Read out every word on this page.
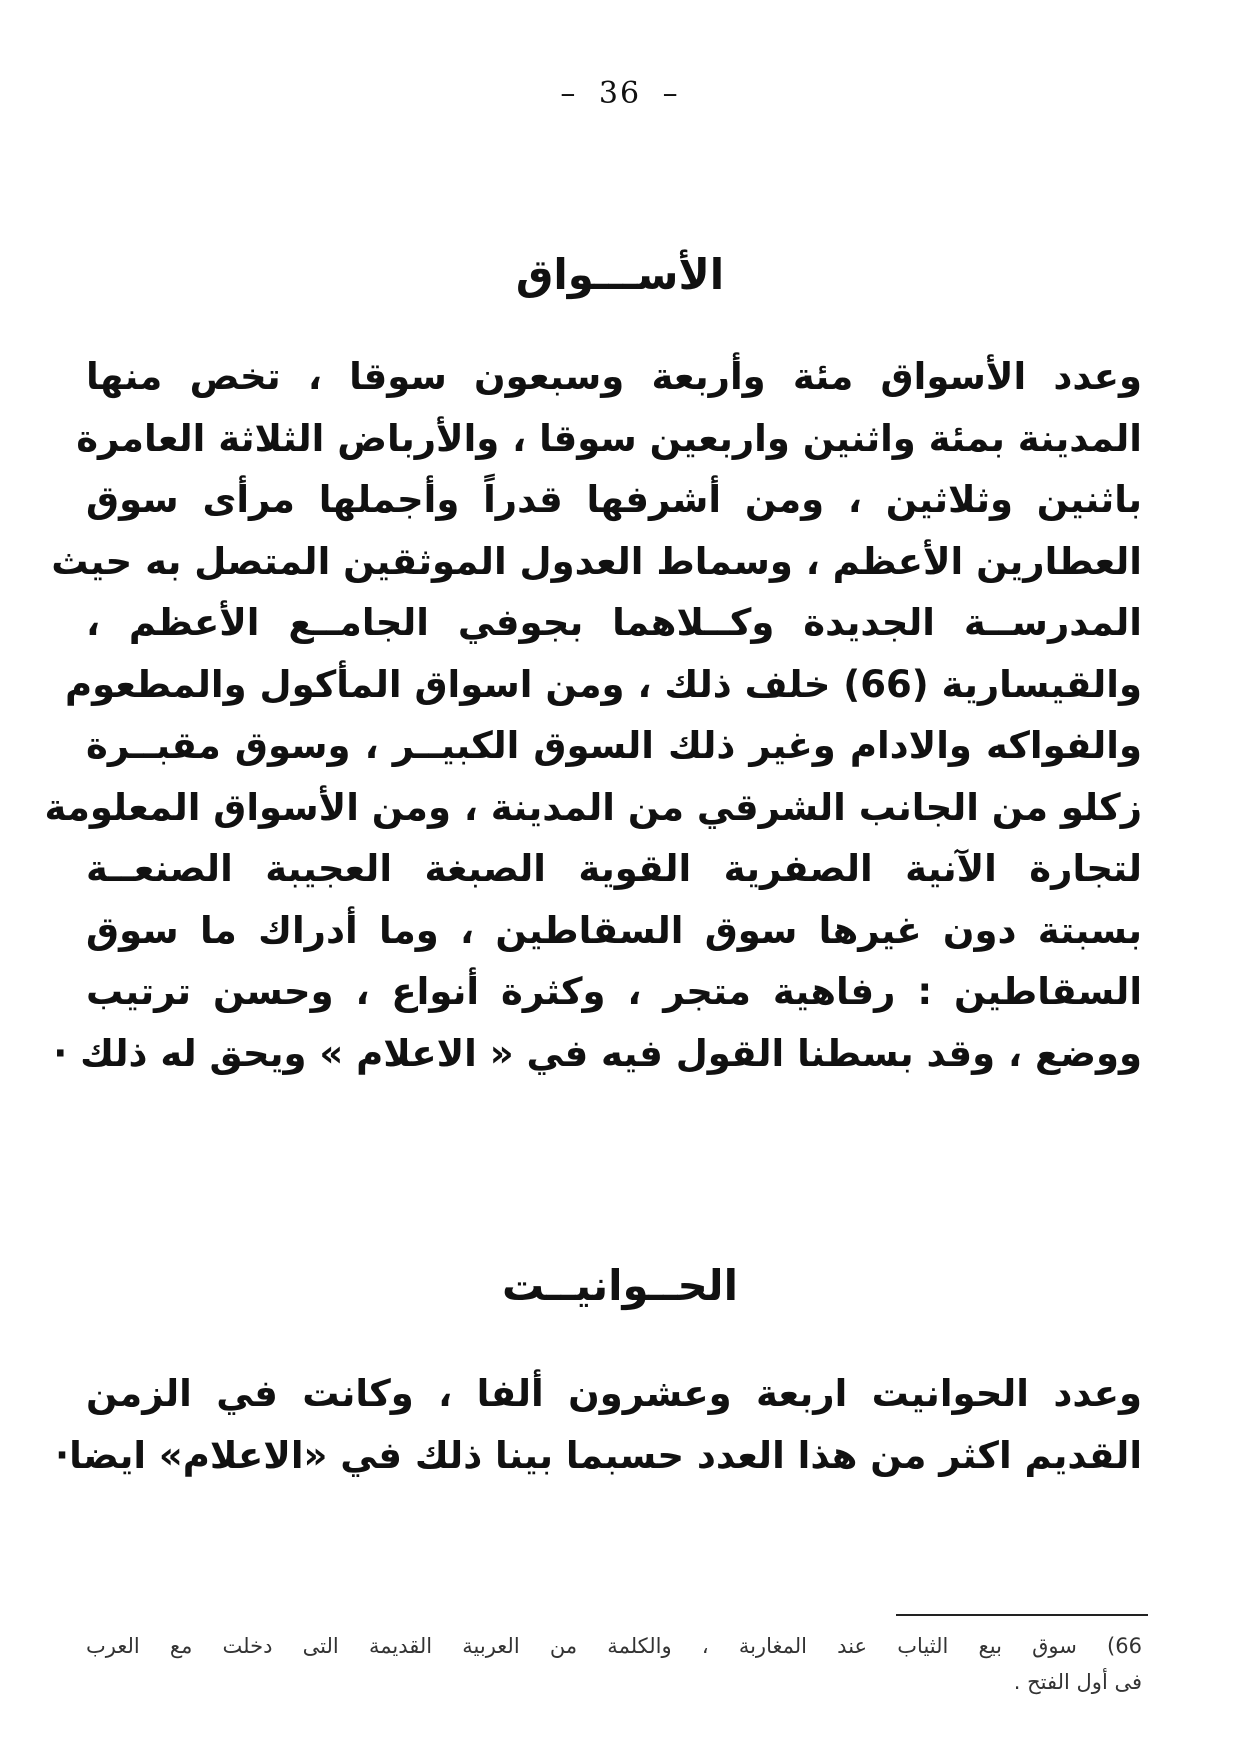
– 36 –
الأســـواق
وعدد الأسواق مئة وأربعة وسبعون سوقا ، تخص منها
المدينة بمئة واثنين واربعين سوقا ، والأرباض الثلاثة العامرة
باثنين وثلاثين ، ومن أشرفها قدراً وأجملها مرأى سوق
العطارين الأعظم ، وسماط العدول الموثقين المتصل به حيث
المدرســة الجديدة وكــلاهما بجوفي الجامــع الأعظم ،
والقيسارية (66) خلف ذلك ، ومن اسواق المأكول والمطعوم
والفواكه والادام وغير ذلك السوق الكبيــر ، وسوق مقبــرة
زكلو من الجانب الشرقي من المدينة ، ومن الأسواق المعلومة
لتجارة الآنية الصفرية القوية الصبغة العجيبة الصنعــة
بسبتة دون غيرها سوق السقاطين ، وما أدراك ما سوق
السقاطين : رفاهية متجر ، وكثرة أنواع ، وحسن ترتيب
ووضع ، وقد بسطنا القول فيه في « الاعلام » ويحق له ذلك ·
الحــوانيــت
وعدد الحوانيت اربعة وعشرون ألفا ، وكانت في الزمن
القديم اكثر من هذا العدد حسبما بينا ذلك في «الاعلام» ايضا·
66) سوق بيع الثياب عند المغاربة ، والكلمة من العربية القديمة التى دخلت مع العرب
فى أول الفتح .
